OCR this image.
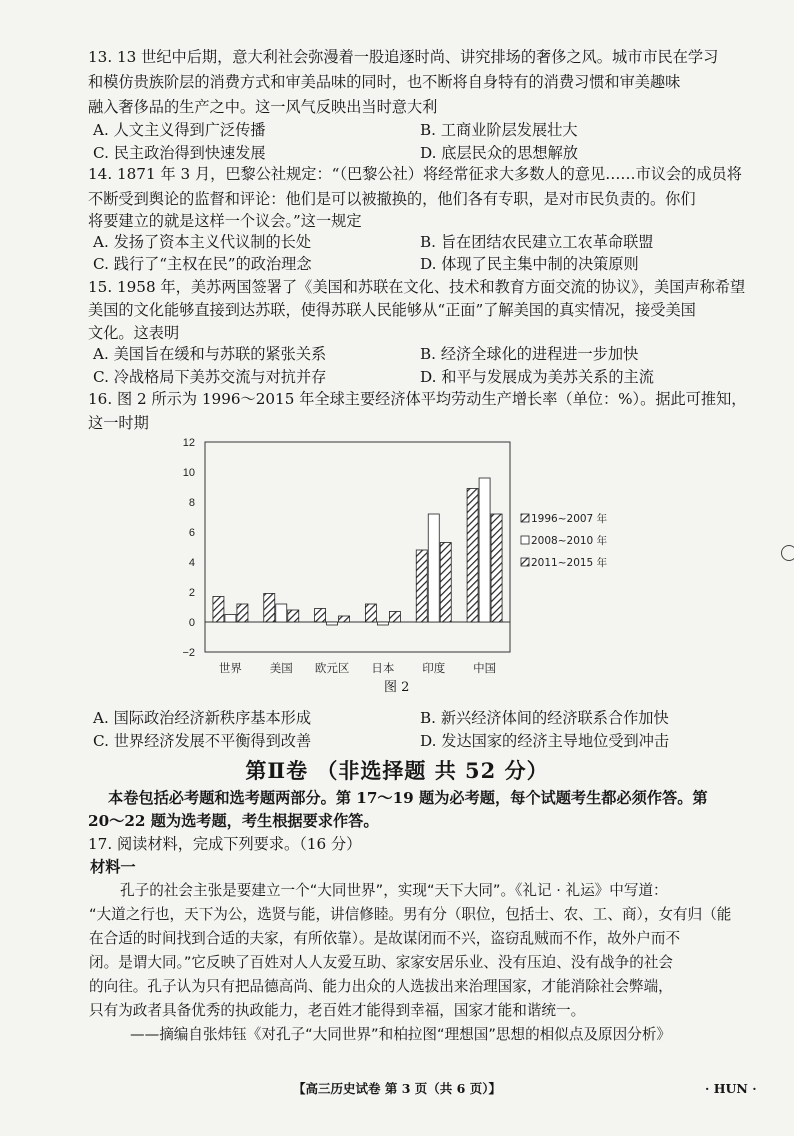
13. 13 世纪中后期，意大利社会弥漫着一股追逐时尚、讲究排场的奢侈之风。城市市民在学习
和模仿贵族阶层的消费方式和审美品味的同时，也不断将自身特有的消费习惯和审美趣味
融入奢侈品的生产之中。这一风气反映出当时意大利
A. 人文主义得到广泛传播	B. 工商业阶层发展壮大
C. 民主政治得到快速发展	D. 底层民众的思想解放
14. 1871 年 3 月，巴黎公社规定：“（巴黎公社）将经常征求大多数人的意见……市议会的成员将
不断受到舆论的监督和评论：他们是可以被撤换的，他们各有专职，是对市民负责的。你们
将要建立的就是这样一个议会。”这一规定
A. 发扬了资本主义代议制的长处	B. 旨在团结农民建立工农革命联盟
C. 践行了“主权在民”的政治理念	D. 体现了民主集中制的决策原则
15. 1958 年，美苏两国签署了《美国和苏联在文化、技术和教育方面交流的协议》，美国声称希望
美国的文化能够直接到达苏联，使得苏联人民能够从“正面”了解美国的真实情况，接受美国
文化。这表明
A. 美国旨在缓和与苏联的紧张关系	B. 经济全球化的进程进一步加快
C. 冷战格局下美苏交流与对抗并存	D. 和平与发展成为美苏关系的主流
16. 图 2 所示为 1996～2015 年全球主要经济体平均劳动生产增长率（单位：%）。据此可推知，
这一时期
12
10
8
6
4
2
0
−2
世界 美国 欧元区 日本 印度 中国
1996~2007 年
2008~2010 年
2011~2015 年
图 2
A. 国际政治经济新秩序基本形成	B. 新兴经济体间的经济联系合作加快
C. 世界经济发展不平衡得到改善	D. 发达国家的经济主导地位受到冲击
第Ⅱ卷 （非选择题 共 52 分）
本卷包括必考题和选考题两部分。第 17～19 题为必考题，每个试题考生都必须作答。第
20～22 题为选考题，考生根据要求作答。
17. 阅读材料，完成下列要求。（16 分）
材料一
孔子的社会主张是要建立一个“大同世界”，实现“天下大同”。《礼记 · 礼运》中写道：
“大道之行也，天下为公，选贤与能，讲信修睦。男有分（职位，包括士、农、工、商），女有归（能
在合适的时间找到合适的夫家，有所依靠）。是故谋闭而不兴，盗窃乱贼而不作，故外户而不
闭。是谓大同。”它反映了百姓对人人友爱互助、家家安居乐业、没有压迫、没有战争的社会
的向往。孔子认为只有把品德高尚、能力出众的人选拔出来治理国家，才能消除社会弊端，
只有为政者具备优秀的执政能力，老百姓才能得到幸福，国家才能和谐统一。
——摘编自张炜钰《对孔子“大同世界”和柏拉图“理想国”思想的相似点及原因分析》
【高三历史试卷 第 3 页（共 6 页）】	· HUN ·
